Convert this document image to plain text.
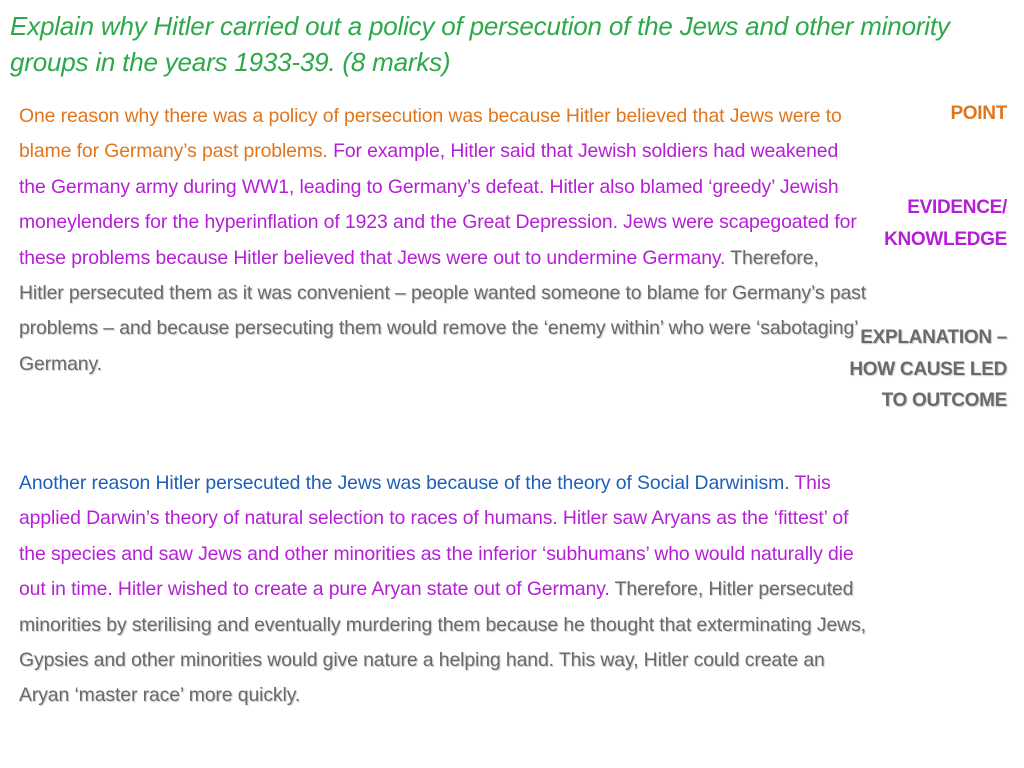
Explain why Hitler carried out a policy of persecution of the Jews and other minority groups in the years 1933-39. (8 marks)

One reason why there was a policy of persecution was because Hitler believed that Jews were to blame for Germany’s past problems. For example, Hitler said that Jewish soldiers had weakened the Germany army during WW1, leading to Germany’s defeat. Hitler also blamed ‘greedy’ Jewish moneylenders for the hyperinflation of 1923 and the Great Depression. Jews were scapegoated for these problems because Hitler believed that Jews were out to undermine Germany. Therefore, Hitler persecuted them as it was convenient – people wanted someone to blame for Germany’s past problems – and because persecuting them would remove the ‘enemy within’ who were ‘sabotaging’ Germany.

Another reason Hitler persecuted the Jews was because of the theory of Social Darwinism. This applied Darwin’s theory of natural selection to races of humans. Hitler saw Aryans as the ‘fittest’ of the species and saw Jews and other minorities as the inferior ‘subhumans’ who would naturally die out in time. Hitler wished to create a pure Aryan state out of Germany. Therefore, Hitler persecuted minorities by sterilising and eventually murdering them because he thought that exterminating Jews, Gypsies and other minorities would give nature a helping hand. This way, Hitler could create an Aryan ‘master race’ more quickly.

POINT
EVIDENCE/
KNOWLEDGE
EXPLANATION –
HOW CAUSE LED
TO OUTCOME
